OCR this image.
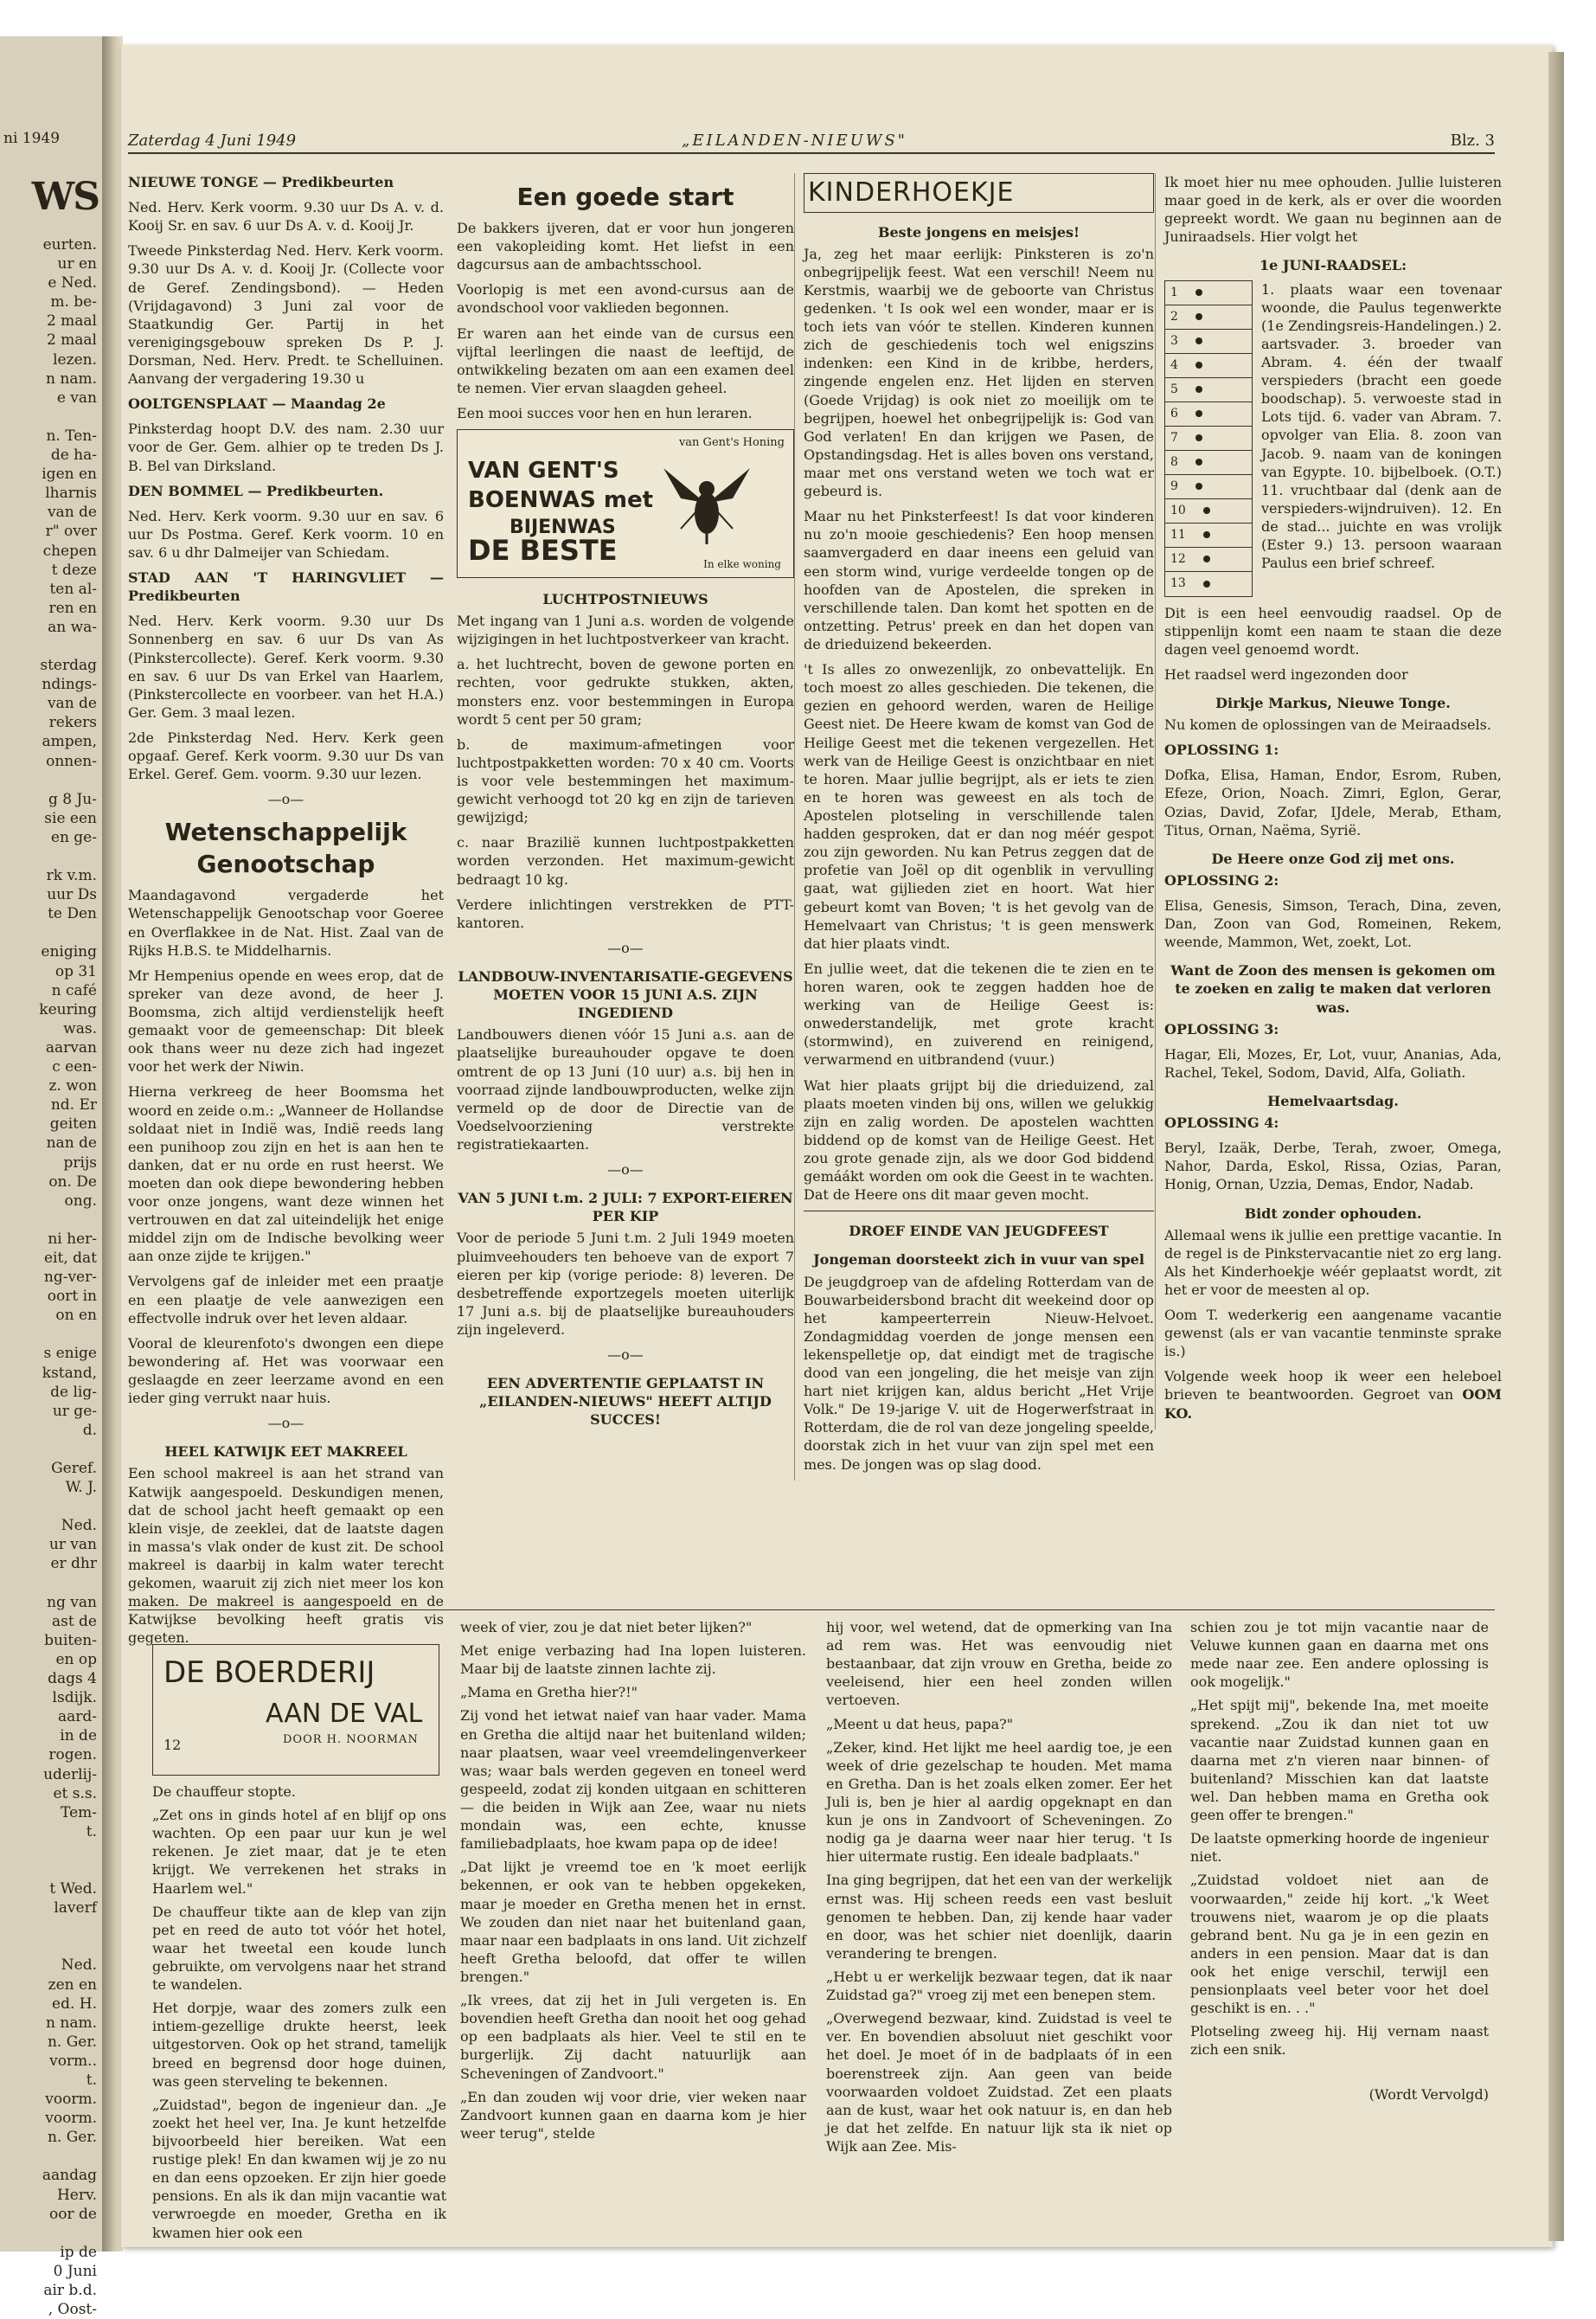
ni 1949
WS

eurten.

ur en

e Ned.

m. be-

2 maal

2 maal

lezen.

n nam.

e van

n. Ten-

de ha-

igen en

lharnis

van de

r" over

chepen

t deze

ten al-

ren en

an wa-

sterdag

ndings-

van de

rekers

ampen,

onnen-

g 8 Ju-

sie een

en ge-

rk v.m.

uur Ds

te Den

eniging

op 31

n café

keuring

was.

aarvan

c een-

z. won

nd. Er

geiten

nan de

prijs

on. De

ong.

ni her-

eit, dat

ng-ver-

oort in

on en

s enige

kstand,

de lig-

ur ge-

d.

Geref.

W. J.

Ned.

ur van

er dhr

ng van

ast de

buiten-

en op

dags 4

lsdijk.

aard-

in de

rogen.

uderlij-

et s.s.

Tem-

t.

t Wed.

laverf

Ned.

zen en

ed. H.

n nam.

n. Ger.

vorm..

t.

voorm.

voorm.

n. Ger.

aandag

Herv.

oor de

ip de

0 Juni

air b.d.

, Oost-

Zaterdag 4 Juni 1949	„EILANDEN-NIEUWS"	Blz. 3

NIEUWE TONGE — Predikbeurten

Ned. Herv. Kerk voorm. 9.30 uur Ds A. v. d. Kooij Sr. en sav. 6 uur Ds A. v. d. Kooij Jr.

Tweede Pinksterdag Ned. Herv. Kerk voorm. 9.30 uur Ds A. v. d. Kooij Jr. (Collecte voor de Geref. Zendingsbond). — Heden (Vrijdagavond) 3 Juni zal voor de Staatkundig Ger. Partij in het verenigingsgebouw spreken Ds P. J. Dorsman, Ned. Herv. Predt. te Schelluinen. Aanvang der vergadering 19.30 u

OOLTGENSPLAAT — Maandag 2e

Pinksterdag hoopt D.V. des nam. 2.30 uur voor de Ger. Gem. alhier op te treden Ds J. B. Bel van Dirksland.

DEN BOMMEL — Predikbeurten.

Ned. Herv. Kerk voorm. 9.30 uur en sav. 6 uur Ds Postma. Geref. Kerk voorm. 10 en sav. 6 u dhr Dalmeijer van Schiedam.

STAD AAN 'T HARINGVLIET — Predikbeurten

Ned. Herv. Kerk voorm. 9.30 uur Ds Sonnenberg en sav. 6 uur Ds van As (Pinkstercollecte). Geref. Kerk voorm. 9.30 en sav. 6 uur Ds van Erkel van Haarlem, (Pinkstercollecte en voorbeer. van het H.A.) Ger. Gem. 3 maal lezen.

2de Pinksterdag Ned. Herv. Kerk geen opgaaf. Geref. Kerk voorm. 9.30 uur Ds van Erkel. Geref. Gem. voorm. 9.30 uur lezen.

—o—
Wetenschappelijk Genootschap

Maandagavond vergaderde het Wetenschappelijk Genootschap voor Goeree en Overflakkee in de Nat. Hist. Zaal van de Rijks H.B.S. te Middelharnis.

Mr Hempenius opende en wees erop, dat de spreker van deze avond, de heer J. Boomsma, zich altijd verdienstelijk heeft gemaakt voor de gemeenschap: Dit bleek ook thans weer nu deze zich had ingezet voor het werk der Niwin.

Hierna verkreeg de heer Boomsma het woord en zeide o.m.: „Wanneer de Hollandse soldaat niet in Indië was, Indië reeds lang een punihoop zou zijn en het is aan hen te danken, dat er nu orde en rust heerst. We moeten dan ook diepe bewondering hebben voor onze jongens, want deze winnen het vertrouwen en dat zal uiteindelijk het enige middel zijn om de Indische bevolking weer aan onze zijde te krijgen."

Vervolgens gaf de inleider met een praatje en een plaatje de vele aanwezigen een effectvolle indruk over het leven aldaar.

Vooral de kleurenfoto's dwongen een diepe bewondering af. Het was voorwaar een geslaagde en zeer leerzame avond en een ieder ging verrukt naar huis.

—o—
HEEL KATWIJK EET MAKREEL

Een school makreel is aan het strand van Katwijk aangespoeld. Deskundigen menen, dat de school jacht heeft gemaakt op een klein visje, de zeeklei, dat de laatste dagen in massa's vlak onder de kust zit. De school makreel is daarbij in kalm water terecht gekomen, waaruit zij zich niet meer los kon maken. De makreel is aangespoeld en de Katwijkse bevolking heeft gratis vis gegeten.

Een goede start

De bakkers ijveren, dat er voor hun jongeren een vakopleiding komt. Het liefst in een dagcursus aan de ambachtsschool.

Voorlopig is met een avond-cursus aan de avondschool voor vaklieden begonnen.

Er waren aan het einde van de cursus een vijftal leerlingen die naast de leeftijd, de ontwikkeling bezaten om aan een examen deel te nemen. Vier ervan slaagden geheel.

Een mooi succes voor hen en hun leraren.

van Gent's Honing
VAN GENT'S
BOENWAS met
BIJENWAS
DE BESTE	In elke woning
LUCHTPOSTNIEUWS

Met ingang van 1 Juni a.s. worden de volgende wijzigingen in het luchtpostverkeer van kracht.

a. het luchtrecht, boven de gewone porten en rechten, voor gedrukte stukken, akten, monsters enz. voor bestemmingen in Europa wordt 5 cent per 50 gram;

b. de maximum-afmetingen voor luchtpostpakketten worden: 70 x 40 cm. Voorts is voor vele bestemmingen het maximum-gewicht verhoogd tot 20 kg en zijn de tarieven gewijzigd;

c. naar Brazilië kunnen luchtpostpakketten worden verzonden. Het maximum-gewicht bedraagt 10 kg.

Verdere inlichtingen verstrekken de PTT-kantoren.

—o—
LANDBOUW-INVENTARISATIE-GEGEVENS MOETEN VOOR 15 JUNI A.S. ZIJN INGEDIEND

Landbouwers dienen vóór 15 Juni a.s. aan de plaatselijke bureauhouder opgave te doen omtrent de op 13 Juni (10 uur) a.s. bij hen in voorraad zijnde landbouwproducten, welke zijn vermeld op de door de Directie van de Voedselvoorziening verstrekte registratiekaarten.

—o—
VAN 5 JUNI t.m. 2 JULI: 7 EXPORT-EIEREN PER KIP

Voor de periode 5 Juni t.m. 2 Juli 1949 moeten pluimveehouders ten behoeve van de export 7 eieren per kip (vorige periode: 8) leveren. De desbetreffende exportzegels moeten uiterlijk 17 Juni a.s. bij de plaatselijke bureauhouders zijn ingeleverd.

—o—
EEN ADVERTENTIE GEPLAATST IN „EILANDEN-NIEUWS" HEEFT ALTIJD SUCCES!
KINDERHOEKJE
Beste jongens en meisjes!

Ja, zeg het maar eerlijk: Pinksteren is zo'n onbegrijpelijk feest. Wat een verschil! Neem nu Kerstmis, waarbij we de geboorte van Christus gedenken. 't Is ook wel een wonder, maar er is toch iets van vóór te stellen. Kinderen kunnen zich de geschiedenis toch wel enigszins indenken: een Kind in de kribbe, herders, zingende engelen enz. Het lijden en sterven (Goede Vrijdag) is ook niet zo moeilijk om te begrijpen, hoewel het onbegrijpelijk is: God van God verlaten! En dan krijgen we Pasen, de Opstandingsdag. Het is alles boven ons verstand, maar met ons verstand weten we toch wat er gebeurd is.

Maar nu het Pinksterfeest! Is dat voor kinderen nu zo'n mooie geschiedenis? Een hoop mensen saamvergaderd en daar ineens een geluid van een storm wind, vurige verdeelde tongen op de hoofden van de Apostelen, die spreken in verschillende talen. Dan komt het spotten en de ontzetting. Petrus' preek en dan het dopen van de drieduizend bekeerden.

't Is alles zo onwezenlijk, zo onbevattelijk. En toch moest zo alles geschieden. Die tekenen, die gezien en gehoord werden, waren de Heilige Geest niet. De Heere kwam de komst van God de Heilige Geest met die tekenen vergezellen. Het werk van de Heilige Geest is onzichtbaar en niet te horen. Maar jullie begrijpt, als er iets te zien en te horen was geweest en als toch de Apostelen plotseling in verschillende talen hadden gesproken, dat er dan nog méér gespot zou zijn geworden. Nu kan Petrus zeggen dat de profetie van Joël op dit ogenblik in vervulling gaat, wat gijlieden ziet en hoort. Wat hier gebeurt komt van Boven; 't is het gevolg van de Hemelvaart van Christus; 't is geen menswerk dat hier plaats vindt.

En jullie weet, dat die tekenen die te zien en te horen waren, ook te zeggen hadden hoe de werking van de Heilige Geest is: onwederstandelijk, met grote kracht (stormwind), en zuiverend en reinigend, verwarmend en uitbrandend (vuur.)

Wat hier plaats grijpt bij die drieduizend, zal plaats moeten vinden bij ons, willen we gelukkig zijn en zalig worden. De apostelen wachtten biddend op de komst van de Heilige Geest. Het zou grote genade zijn, als we door God biddend gemáákt worden om ook die Geest in te wachten. Dat de Heere ons dit maar geven mocht.

DROEF EINDE VAN JEUGDFEEST
Jongeman doorsteekt zich in vuur van spel

De jeugdgroep van de afdeling Rotterdam van de Bouwarbeidersbond bracht dit weekeind door op het kampeerterrein Nieuw-Helvoet. Zondagmiddag voerden de jonge mensen een lekenspelletje op, dat eindigt met de tragische dood van een jongeling, die het meisje van zijn hart niet krijgen kan, aldus bericht „Het Vrije Volk." De 19-jarige V. uit de Hogerwerfstraat in Rotterdam, die de rol van deze jongeling speelde, doorstak zich in het vuur van zijn spel met een mes. De jongen was op slag dood.

Ik moet hier nu mee ophouden. Jullie luisteren maar goed in de kerk, als er over die woorden gepreekt wordt. We gaan nu beginnen aan de Juniraadsels. Hier volgt het

1e JUNI-RAADSEL:
1
2
3
4
5
6
7
8
9
10
11
12
13
1. plaats waar een tovenaar woonde, die Paulus tegenwerkte (1e Zendingsreis-Handelingen.) 2. aartsvader. 3. broeder van Abram. 4. één der twaalf verspieders (bracht een goede boodschap). 5. verwoeste stad in Lots tijd. 6. vader van Abram. 7. opvolger van Elia. 8. zoon van Jacob. 9. naam van de koningen van Egypte. 10. bijbelboek. (O.T.) 11. vruchtbaar dal (denk aan de verspieders-wijndruiven). 12. En de stad... juichte en was vrolijk (Ester 9.) 13. persoon waaraan Paulus een brief schreef.

Dit is een heel eenvoudig raadsel. Op de stippenlijn komt een naam te staan die deze dagen veel genoemd wordt.

Het raadsel werd ingezonden door

Dirkje Markus, Nieuwe Tonge.

Nu komen de oplossingen van de Meiraadsels.

OPLOSSING 1:

Dofka, Elisa, Haman, Endor, Esrom, Ruben, Efeze, Orion, Noach. Zimri, Eglon, Gerar, Ozias, David, Zofar, IJdele, Merab, Etham, Titus, Ornan, Naëma, Syrië.

De Heere onze God zij met ons.

OPLOSSING 2:

Elisa, Genesis, Simson, Terach, Dina, zeven, Dan, Zoon van God, Romeinen, Rekem, weende, Mammon, Wet, zoekt, Lot.

Want de Zoon des mensen is gekomen om te zoeken en zalig te maken dat verloren was.

OPLOSSING 3:

Hagar, Eli, Mozes, Er, Lot, vuur, Ananias, Ada, Rachel, Tekel, Sodom, David, Alfa, Goliath.

Hemelvaartsdag.

OPLOSSING 4:

Beryl, Izaäk, Derbe, Terah, zwoer, Omega, Nahor, Darda, Eskol, Rissa, Ozias, Paran, Honig, Ornan, Uzzia, Demas, Endor, Nadab.

Bidt zonder ophouden.

Allemaal wens ik jullie een prettige vacantie. In de regel is de Pinkstervacantie niet zo erg lang. Als het Kinderhoekje wéér geplaatst wordt, zit het er voor de meesten al op.

Oom T. wederkerig een aangename vacantie gewenst (als er van vacantie tenminste sprake is.)

Volgende week hoop ik weer een heleboel brieven te beantwoorden. Gegroet van OOM KO.

DE BOERDERIJ
AAN DE VAL
DOOR H. NOORMAN
12

De chauffeur stopte.

„Zet ons in ginds hotel af en blijf op ons wachten. Op een paar uur kun je wel rekenen. Je ziet maar, dat je te eten krijgt. We verrekenen het straks in Haarlem wel."

De chauffeur tikte aan de klep van zijn pet en reed de auto tot vóór het hotel, waar het tweetal een koude lunch gebruikte, om vervolgens naar het strand te wandelen.

Het dorpje, waar des zomers zulk een intiem-gezellige drukte heerst, leek uitgestorven. Ook op het strand, tamelijk breed en begrensd door hoge duinen, was geen sterveling te bekennen.

„Zuidstad", begon de ingenieur dan. „Je zoekt het heel ver, Ina. Je kunt hetzelfde bijvoorbeeld hier bereiken. Wat een rustige plek! En dan kwamen wij je zo nu en dan eens opzoeken. Er zijn hier goede pensions. En als ik dan mijn vacantie wat verwroegde en moeder, Gretha en ik kwamen hier ook een

week of vier, zou je dat niet beter lijken?"

Met enige verbazing had Ina lopen luisteren. Maar bij de laatste zinnen lachte zij.

„Mama en Gretha hier?!"

Zij vond het ietwat naief van haar vader. Mama en Gretha die altijd naar het buitenland wilden; naar plaatsen, waar veel vreemdelingenverkeer was; waar bals werden gegeven en toneel werd gespeeld, zodat zij konden uitgaan en schitteren — die beiden in Wijk aan Zee, waar nu niets mondain was, een echte, knusse familiebadplaats, hoe kwam papa op de idee!

„Dat lijkt je vreemd toe en 'k moet eerlijk bekennen, er ook van te hebben opgekeken, maar je moeder en Gretha menen het in ernst. We zouden dan niet naar het buitenland gaan, maar naar een badplaats in ons land. Uit zichzelf heeft Gretha beloofd, dat offer te willen brengen."

„Ik vrees, dat zij het in Juli vergeten is. En bovendien heeft Gretha dan nooit het oog gehad op een badplaats als hier. Veel te stil en te burgerlijk. Zij dacht natuurlijk aan Scheveningen of Zandvoort."

„En dan zouden wij voor drie, vier weken naar Zandvoort kunnen gaan en daarna kom je hier weer terug", stelde

hij voor, wel wetend, dat de opmerking van Ina ad rem was. Het was eenvoudig niet bestaanbaar, dat zijn vrouw en Gretha, beide zo veeleisend, hier een heel zonden willen vertoeven.

„Meent u dat heus, papa?"

„Zeker, kind. Het lijkt me heel aardig toe, je een week of drie gezelschap te houden. Met mama en Gretha. Dan is het zoals elken zomer. Eer het Juli is, ben je hier al aardig opgeknapt en dan kun je ons in Zandvoort of Scheveningen. Zo nodig ga je daarna weer naar hier terug. 't Is hier uitermate rustig. Een ideale badplaats."

Ina ging begrijpen, dat het een van der werkelijk ernst was. Hij scheen reeds een vast besluit genomen te hebben. Dan, zij kende haar vader en door, was het schier niet doenlijk, daarin verandering te brengen.

„Hebt u er werkelijk bezwaar tegen, dat ik naar Zuidstad ga?" vroeg zij met een benepen stem.

„Overwegend bezwaar, kind. Zuidstad is veel te ver. En bovendien absoluut niet geschikt voor het doel. Je moet óf in de badplaats óf in een boerenstreek zijn. Aan geen van beide voorwaarden voldoet Zuidstad. Zet een plaats aan de kust, waar het ook natuur is, en dan heb je dat het zelfde. En natuur lijk sta ik niet op Wijk aan Zee. Mis-

schien zou je tot mijn vacantie naar de Veluwe kunnen gaan en daarna met ons mede naar zee. Een andere oplossing is ook mogelijk."

„Het spijt mij", bekende Ina, met moeite sprekend. „Zou ik dan niet tot uw vacantie naar Zuidstad kunnen gaan en daarna met z'n vieren naar binnen- of buitenland? Misschien kan dat laatste wel. Dan hebben mama en Gretha ook geen offer te brengen."

De laatste opmerking hoorde de ingenieur niet.

„Zuidstad voldoet niet aan de voorwaarden," zeide hij kort. „'k Weet trouwens niet, waarom je op die plaats gebrand bent. Nu ga je in een gezin en anders in een pension. Maar dat is dan ook het enige verschil, terwijl een pensionplaats veel beter voor het doel geschikt is en. . ."

Plotseling zweeg hij. Hij vernam naast zich een snik.

(Wordt Vervolgd)
